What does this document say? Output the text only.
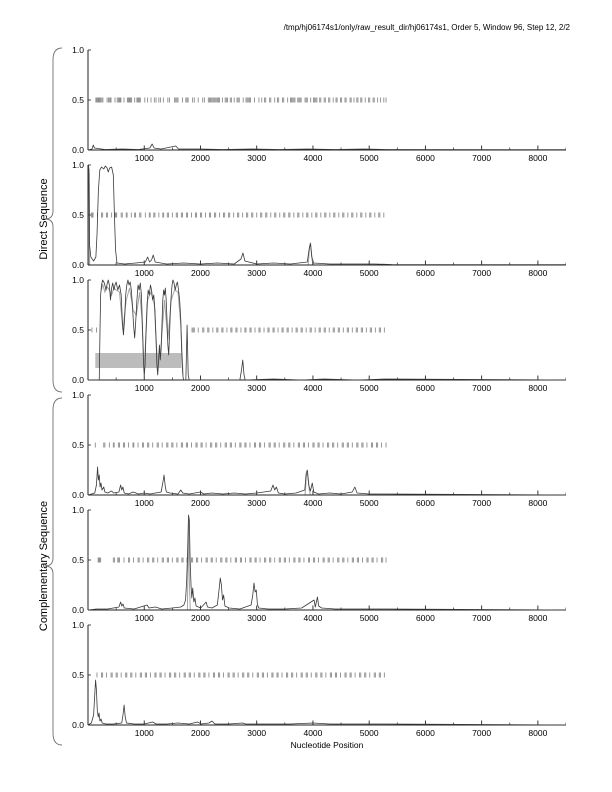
/tmp/hj06174s1/only/raw_result_dir/hj06174s1, Order 5, Window 96, Step 12, 2/2
Direct Sequence
Complementary Sequence
1.0
0.5
0.0
1000	2000	3000	4000	5000	6000	7000	8000
1.0
0.5
0.0
1000	2000	3000	4000	5000	6000	7000	8000
1.0
0.5
0.0
1000	2000	3000	4000	5000	6000	7000	8000
1.0
0.5
0.0
1000	2000	3000	4000	5000	6000	7000	8000
1.0
0.5
0.0
1000	2000	3000	4000	5000	6000	7000	8000
1.0
0.5
0.0
1000	2000	3000	4000	5000	6000	7000	8000
Nucleotide Position
